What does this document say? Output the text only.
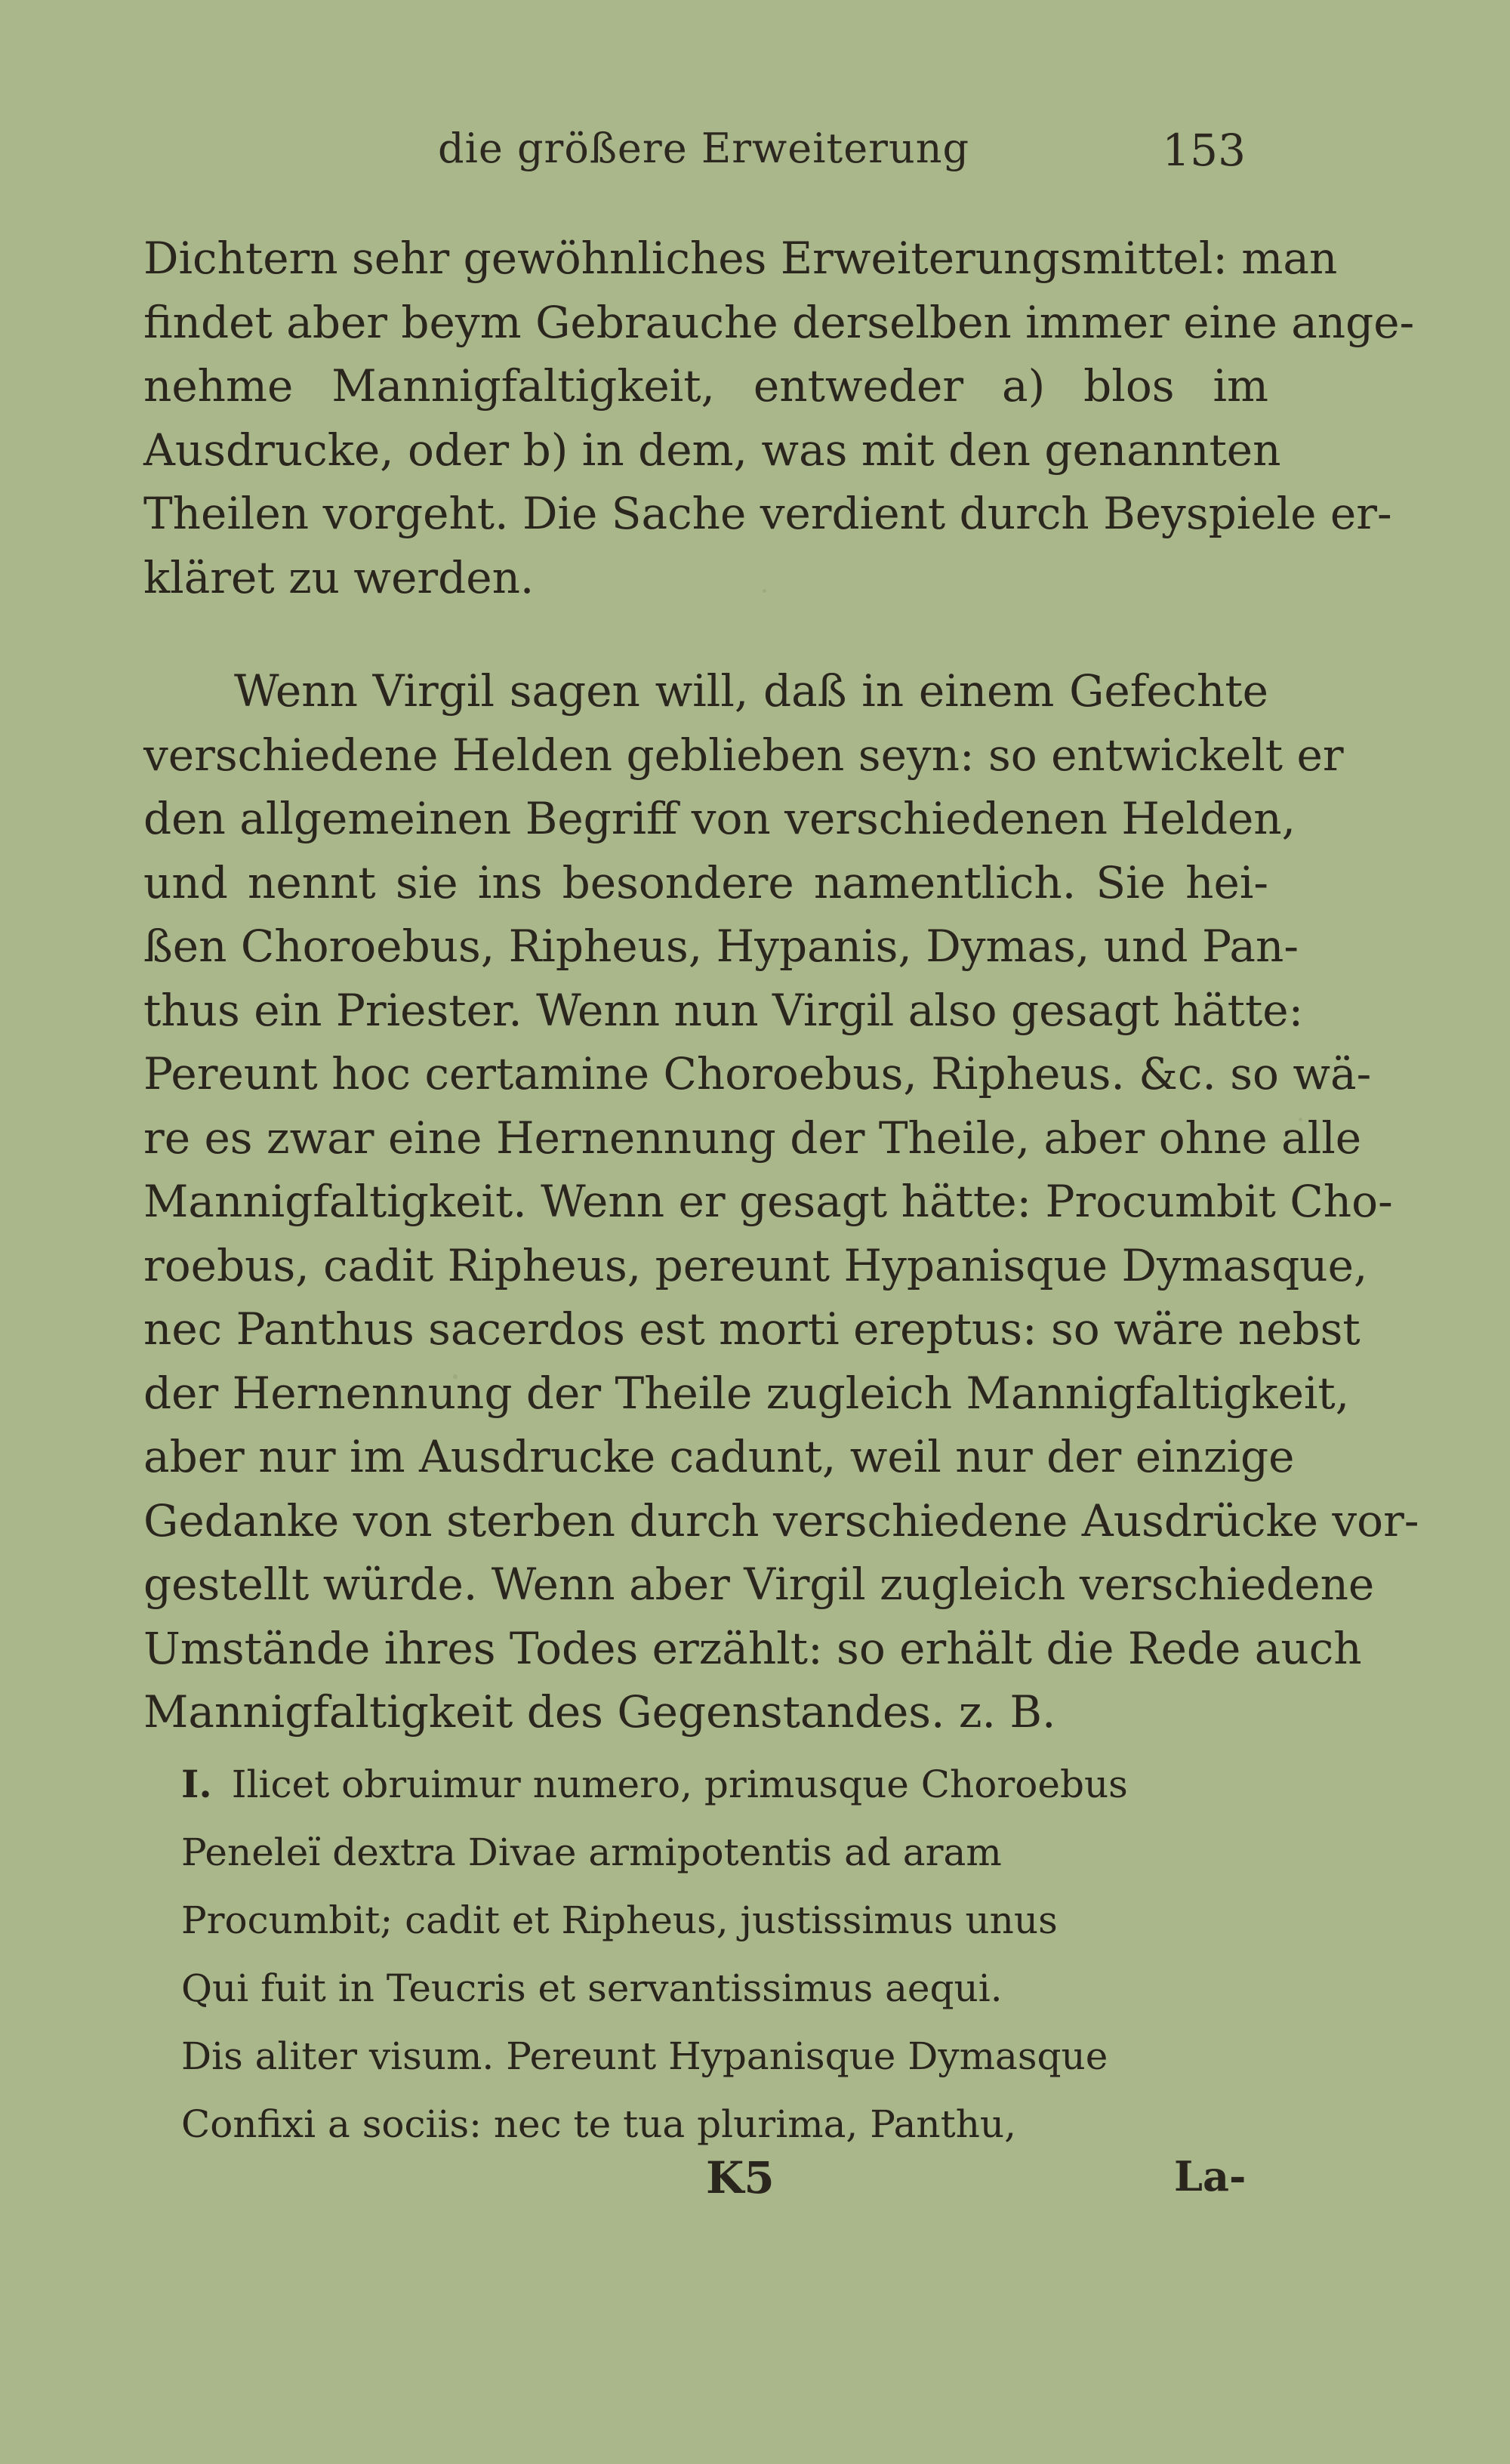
die größere Erweiterung	153
Dichtern sehr gewöhnliches Erweiterungsmittel: man
findet aber beym Gebrauche derselben immer eine ange-
nehme Mannigfaltigkeit, entweder a) blos im
Ausdrucke, oder b) in dem, was mit den genannten
Theilen vorgeht. Die Sache verdient durch Beyspiele er-
kläret zu werden.
Wenn Virgil sagen will, daß in einem Gefechte
verschiedene Helden geblieben seyn: so entwickelt er
den allgemeinen Begriff von verschiedenen Helden,
und nennt sie ins besondere namentlich. Sie hei-
ßen Choroebus, Ripheus, Hypanis, Dymas, und Pan-
thus ein Priester. Wenn nun Virgil also gesagt hätte:
Pereunt hoc certamine Choroebus, Ripheus. &c. so wä-
re es zwar eine Hernennung der Theile, aber ohne alle
Mannigfaltigkeit. Wenn er gesagt hätte: Procumbit Cho-
roebus, cadit Ripheus, pereunt Hypanisque Dymasque,
nec Panthus sacerdos est morti ereptus: so wäre nebst
der Hernennung der Theile zugleich Mannigfaltigkeit,
aber nur im Ausdrucke cadunt, weil nur der einzige
Gedanke von sterben durch verschiedene Ausdrücke vor-
gestellt würde. Wenn aber Virgil zugleich verschiedene
Umstände ihres Todes erzählt: so erhält die Rede auch
Mannigfaltigkeit des Gegenstandes. z. B.
I. Ilicet obruimur numero, primusque Choroebus
Peneleï dextra Divae armipotentis ad aram
Procumbit; cadit et Ripheus, justissimus unus
Qui fuit in Teucris et servantissimus aequi.
Dis aliter visum. Pereunt Hypanisque Dymasque
Confixi a sociis: nec te tua plurima, Panthu,
K5	La-
